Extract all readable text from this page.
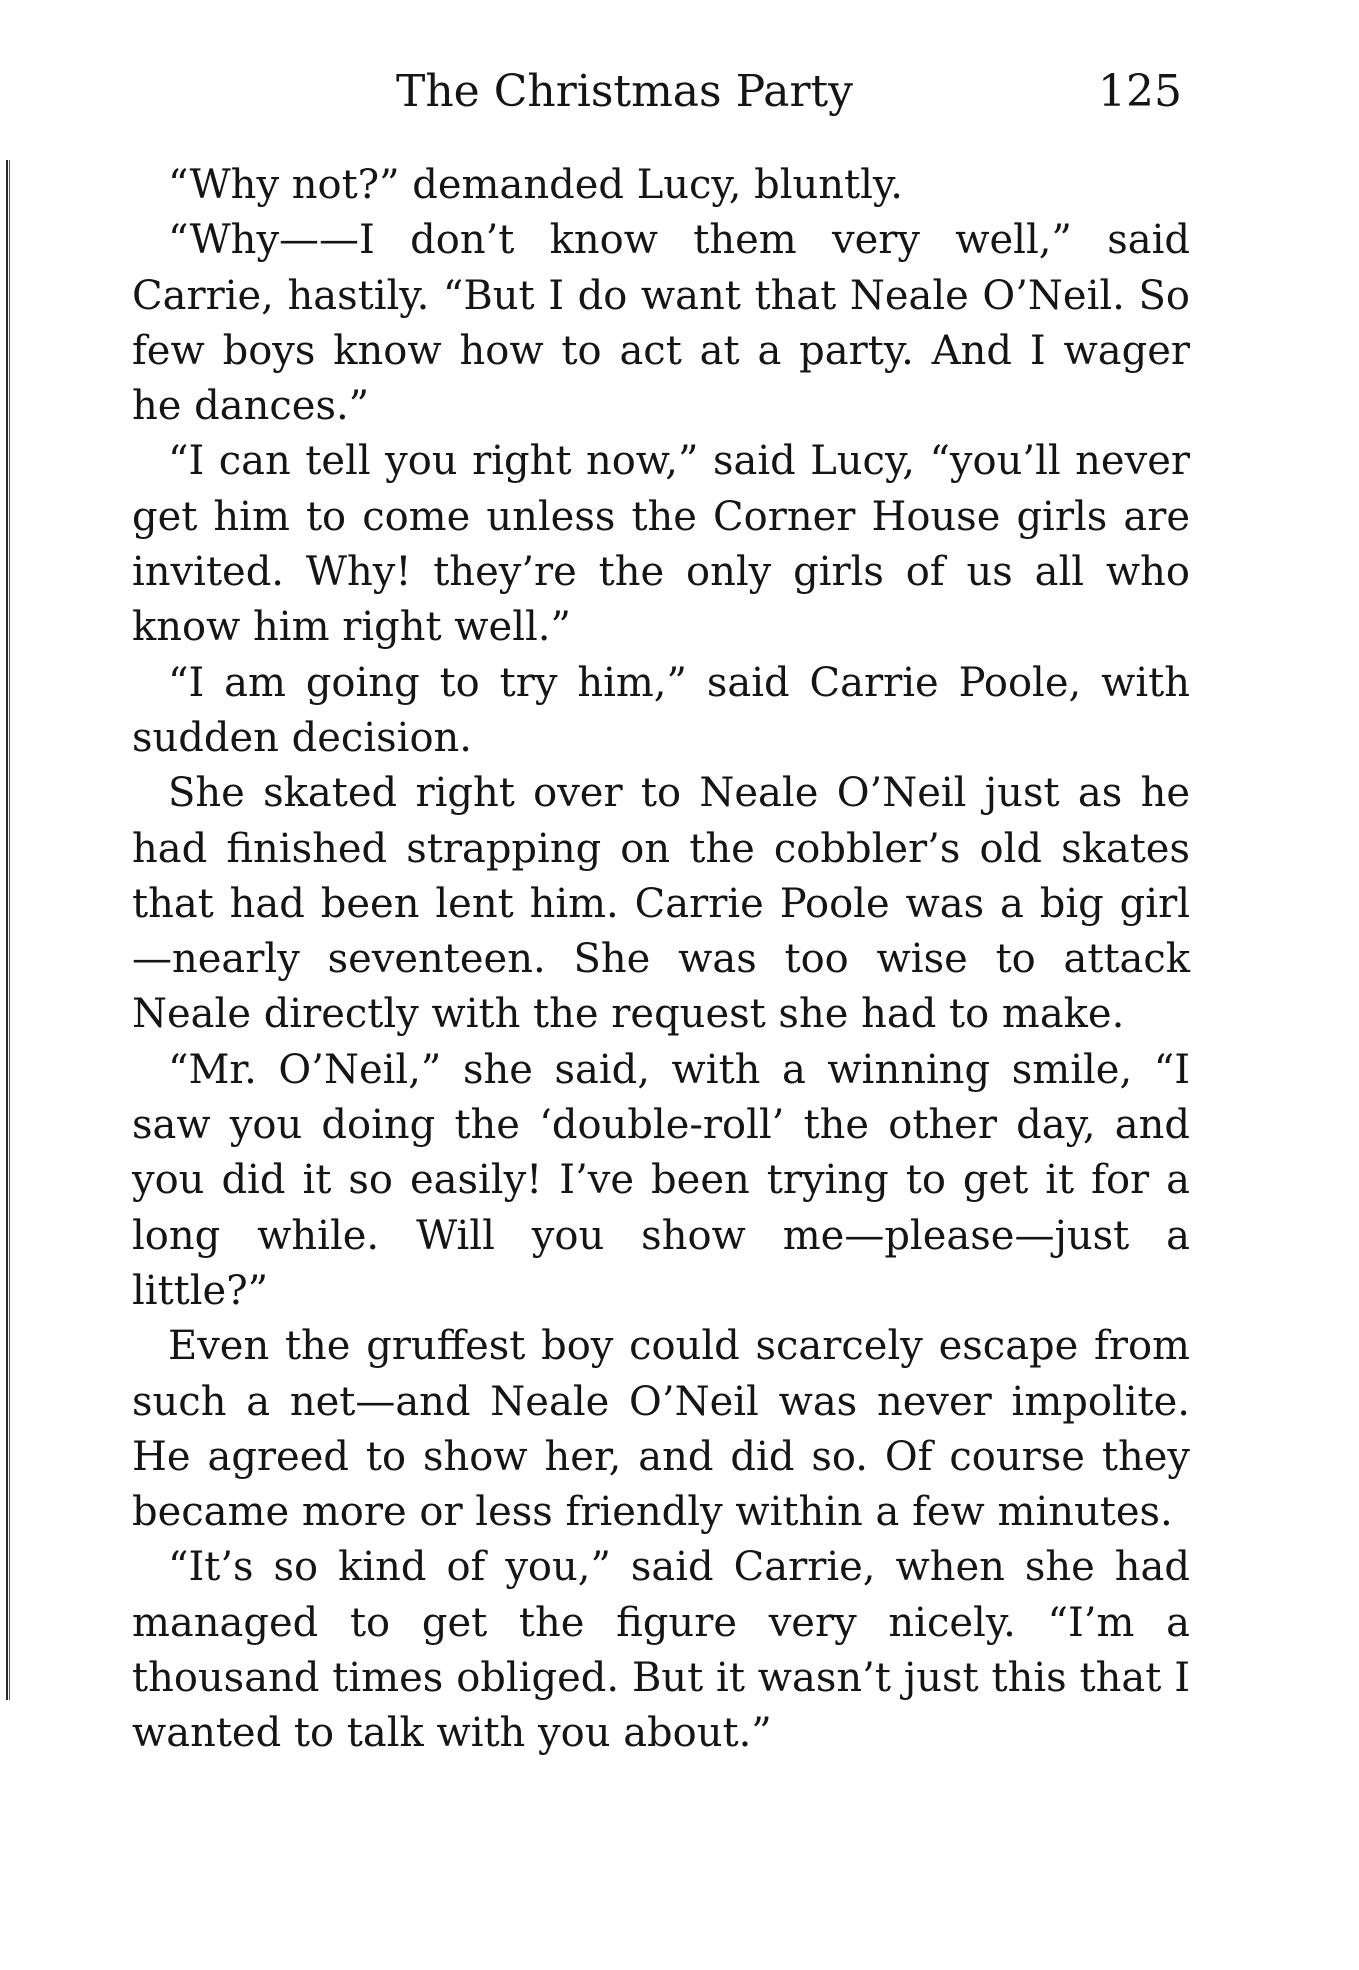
The Christmas Party	125

“Why not?” demanded Lucy, bluntly.

“Why——I don’t know them very well,” said Carrie, hastily. “But I do want that Neale O’Neil. So few boys know how to act at a party. And I wager he dances.”

“I can tell you right now,” said Lucy, “you’ll never get him to come unless the Corner House girls are invited. Why! they’re the only girls of us all who know him right well.”

“I am going to try him,” said Carrie Poole, with sudden decision.

She skated right over to Neale O’Neil just as he had finished strapping on the cobbler’s old skates that had been lent him. Carrie Poole was a big girl—nearly seventeen. She was too wise to attack Neale directly with the request she had to make.

“Mr. O’Neil,” she said, with a winning smile, “I saw you doing the ‘double-roll’ the other day, and you did it so easily! I’ve been trying to get it for a long while. Will you show me—please—just a little?”

Even the gruffest boy could scarcely escape from such a net—and Neale O’Neil was never impolite. He agreed to show her, and did so. Of course they became more or less friendly within a few minutes.

“It’s so kind of you,” said Carrie, when she had managed to get the figure very nicely. “I’m a thousand times obliged. But it wasn’t just this that I wanted to talk with you about.”
